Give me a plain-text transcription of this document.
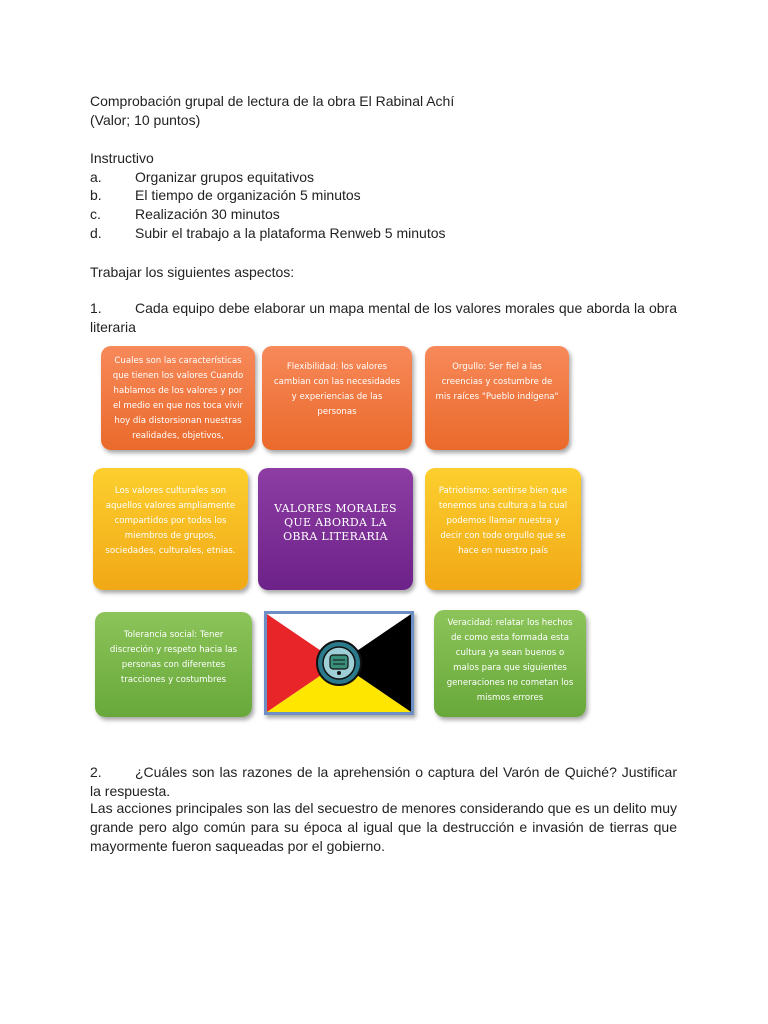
Comprobación grupal de lectura de la obra El Rabinal Achí
(Valor; 10 puntos)
Instructivo
a. Organizar grupos equitativos
b. El tiempo de organización 5 minutos
c. Realización 30 minutos
d. Subir el trabajo a la plataforma Renweb 5 minutos
Trabajar los siguientes aspectos:
1. Cada equipo debe elaborar un mapa mental de los valores morales que aborda la obra literaria
Cuales son las características que tienen los valores Cuando hablamos de los valores y por el medio en que nos toca vivir hoy día distorsionan nuestras realidades, objetivos,
Flexibilidad: los valores cambian con las necesidades y experiencias de las personas
Orgullo: Ser fiel a las creencias y costumbre de mis raíces "Pueblo indígena"
Los valores culturales son aquellos valores ampliamente compartidos por todos los miembros de grupos, sociedades, culturales, etnias.
VALORES MORALES QUE ABORDA LA OBRA LITERARIA
Patriotismo: sentirse bien que tenemos una cultura a la cual podemos llamar nuestra y decir con todo orgullo que se hace en nuestro país
Tolerancia social: Tener discreción y respeto hacia las personas con diferentes tracciones y costumbres
Veracidad: relatar los hechos de como esta formada esta cultura ya sean buenos o malos para que siguientes generaciones no cometan los mismos errores
2. ¿Cuáles son las razones de la aprehensión o captura del Varón de Quiché? Justificar la respuesta.
Las acciones principales son las del secuestro de menores considerando que es un delito muy grande pero algo común para su época al igual que la destrucción e invasión de tierras que mayormente fueron saqueadas por el gobierno.
